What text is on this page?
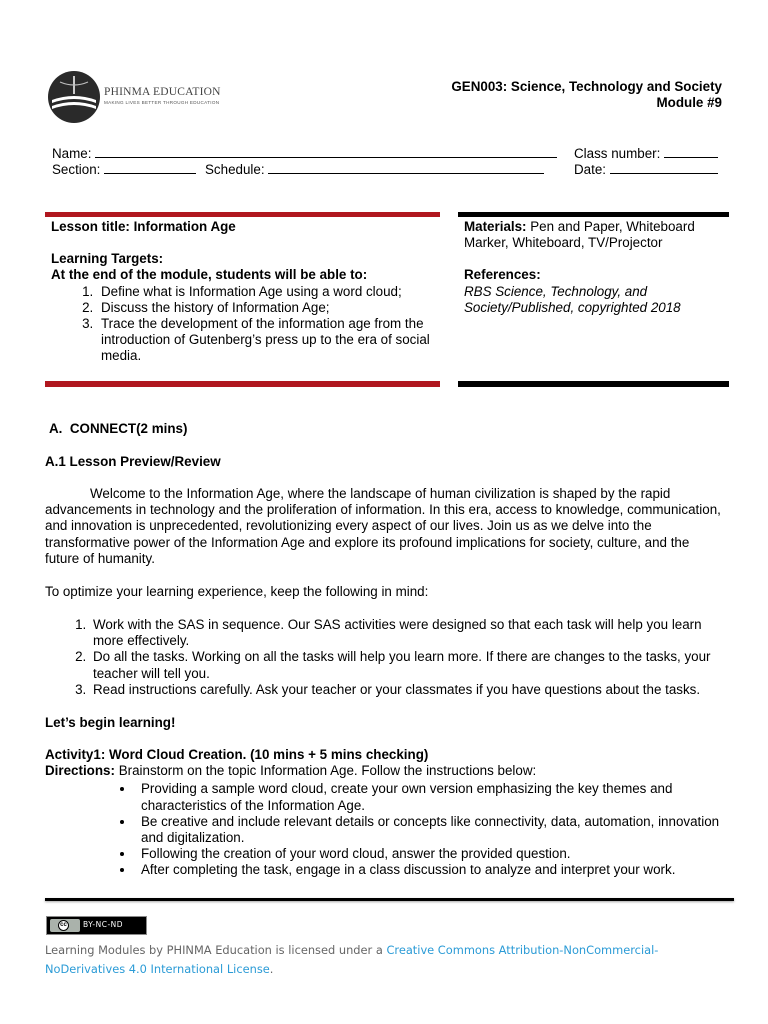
PHINMA EDUCATION
MAKING LIVES BETTER THROUGH EDUCATION
GEN003: Science, Technology and Society
Module #9
Name:	Class number:
Section:	Schedule:	Date:
Lesson title: Information Age
Learning Targets:
At the end of the module, students will be able to:
1. Define what is Information Age using a word cloud;
2. Discuss the history of Information Age;
3. Trace the development of the information age from the introduction of Gutenberg’s press up to the era of social media.
Materials: Pen and Paper, Whiteboard Marker, Whiteboard, TV/Projector
References:
RBS Science, Technology, and Society/Published, copyrighted 2018
A. CONNECT(2 mins)
A.1 Lesson Preview/Review

Welcome to the Information Age, where the landscape of human civilization is shaped by the rapid advancements in technology and the proliferation of information. In this era, access to knowledge, communication, and innovation is unprecedented, revolutionizing every aspect of our lives. Join us as we delve into the transformative power of the Information Age and explore its profound implications for society, culture, and the future of humanity.

To optimize your learning experience, keep the following in mind:
1. Work with the SAS in sequence. Our SAS activities were designed so that each task will help you learn more effectively.
2. Do all the tasks. Working on all the tasks will help you learn more. If there are changes to the tasks, your teacher will tell you.
3. Read instructions carefully. Ask your teacher or your classmates if you have questions about the tasks.
Let’s begin learning!
Activity1: Word Cloud Creation. (10 mins + 5 mins checking)
Directions: Brainstorm on the topic Information Age. Follow the instructions below:
• Providing a sample word cloud, create your own version emphasizing the key themes and characteristics of the Information Age.
• Be creative and include relevant details or concepts like connectivity, data, automation, innovation and digitalization.
• Following the creation of your word cloud, answer the provided question.
• After completing the task, engage in a class discussion to analyze and interpret your work.
cc BY-NC-ND
Learning Modules by PHINMA Education is licensed under a Creative Commons Attribution-NonCommercial-NoDerivatives 4.0 International License.
